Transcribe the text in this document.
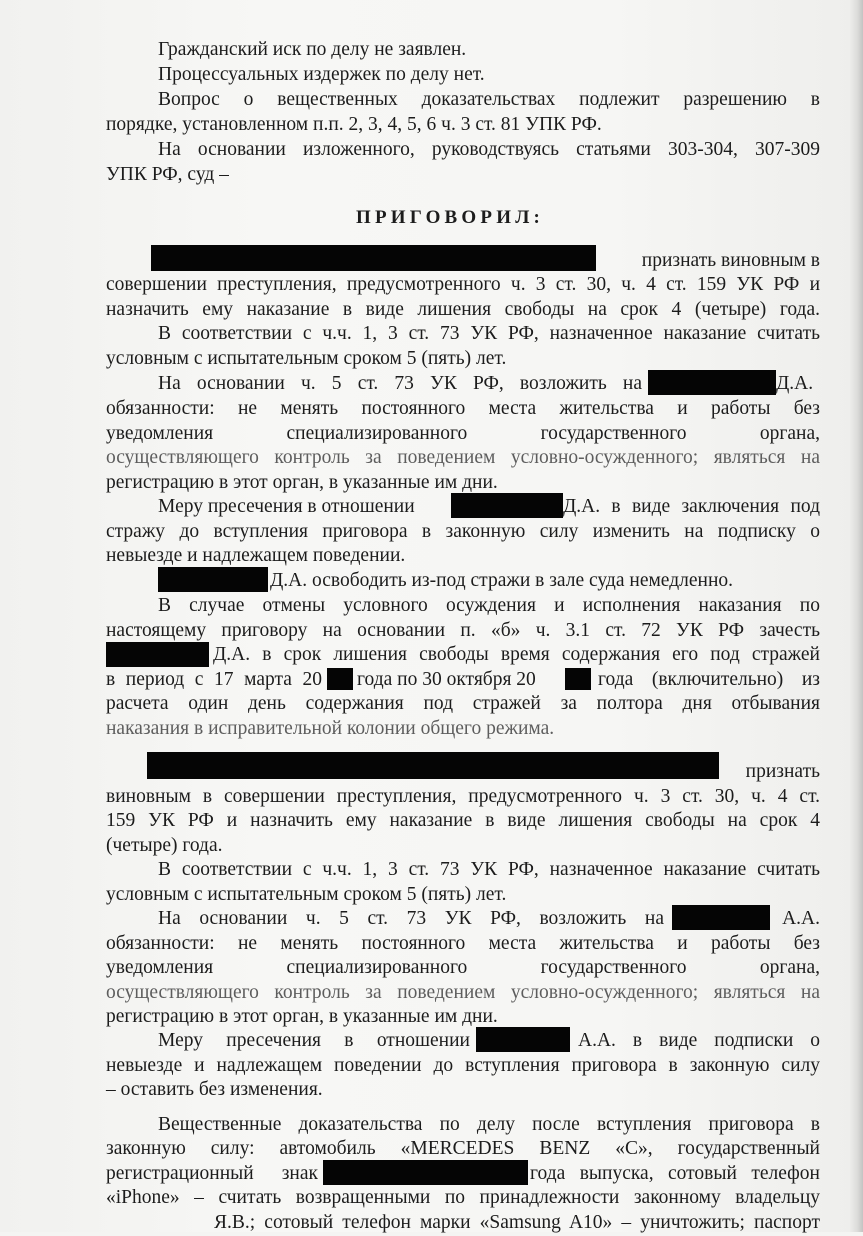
Гражданский иск по делу не заявлен.
Процессуальных издержек по делу нет.
Вопрос о вещественных доказательствах подлежит разрешению в
порядке, установленном п.п. 2, 3, 4, 5, 6 ч. 3 ст. 81 УПК РФ.
На основании изложенного, руководствуясь статьями 303-304, 307-309
УПК РФ, суд –
ПРИГОВОРИЛ:
признать виновным в
совершении преступления, предусмотренного ч. 3 ст. 30, ч. 4 ст. 159 УК РФ и
назначить ему наказание в виде лишения свободы на срок 4 (четыре) года.
В соответствии с ч.ч. 1, 3 ст. 73 УК РФ, назначенное наказание считать
условным с испытательным сроком 5 (пять) лет.
На основании ч. 5 ст. 73 УК РФ, возложить на	Д.А.
обязанности: не менять постоянного места жительства и работы без
уведомления специализированного государственного органа,
осуществляющего контроль за поведением условно-осужденного; являться на
регистрацию в этот орган, в указанные им дни.
Меру пресечения в отношении	Д.А. в виде заключения под
стражу до вступления приговора в законную силу изменить на подписку о
невыезде и надлежащем поведении.
Д.А. освободить из-под стражи в зале суда немедленно.
В случае отмены условного осуждения и исполнения наказания по
настоящему приговору на основании п. «б» ч. 3.1 ст. 72 УК РФ зачесть
Д.А. в срок лишения свободы время содержания его под стражей
в период с 17 марта 20 года по 30 октября 20	года (включительно) из
расчета один день содержания под стражей за полтора дня отбывания
наказания в исправительной колонии общего режима.
признать
виновным в совершении преступления, предусмотренного ч. 3 ст. 30, ч. 4 ст.
159 УК РФ и назначить ему наказание в виде лишения свободы на срок 4
(четыре) года.
В соответствии с ч.ч. 1, 3 ст. 73 УК РФ, назначенное наказание считать
условным с испытательным сроком 5 (пять) лет.
На основании ч. 5 ст. 73 УК РФ, возложить на	А.А.
обязанности: не менять постоянного места жительства и работы без
уведомления специализированного государственного органа,
осуществляющего контроль за поведением условно-осужденного; являться на
регистрацию в этот орган, в указанные им дни.
Меру пресечения в отношении	А.А. в виде подписки о
невыезде и надлежащем поведении до вступления приговора в законную силу
– оставить без изменения.
Вещественные доказательства по делу после вступления приговора в
законную силу: автомобиль «MERCEDES BENZ «С», государственный
регистрационный знак	года выпуска, сотовый телефон
«iPhone» – считать возвращенными по принадлежности законному владельцу
Я.В.; сотовый телефон марки «Samsung A10» – уничтожить; паспорт
